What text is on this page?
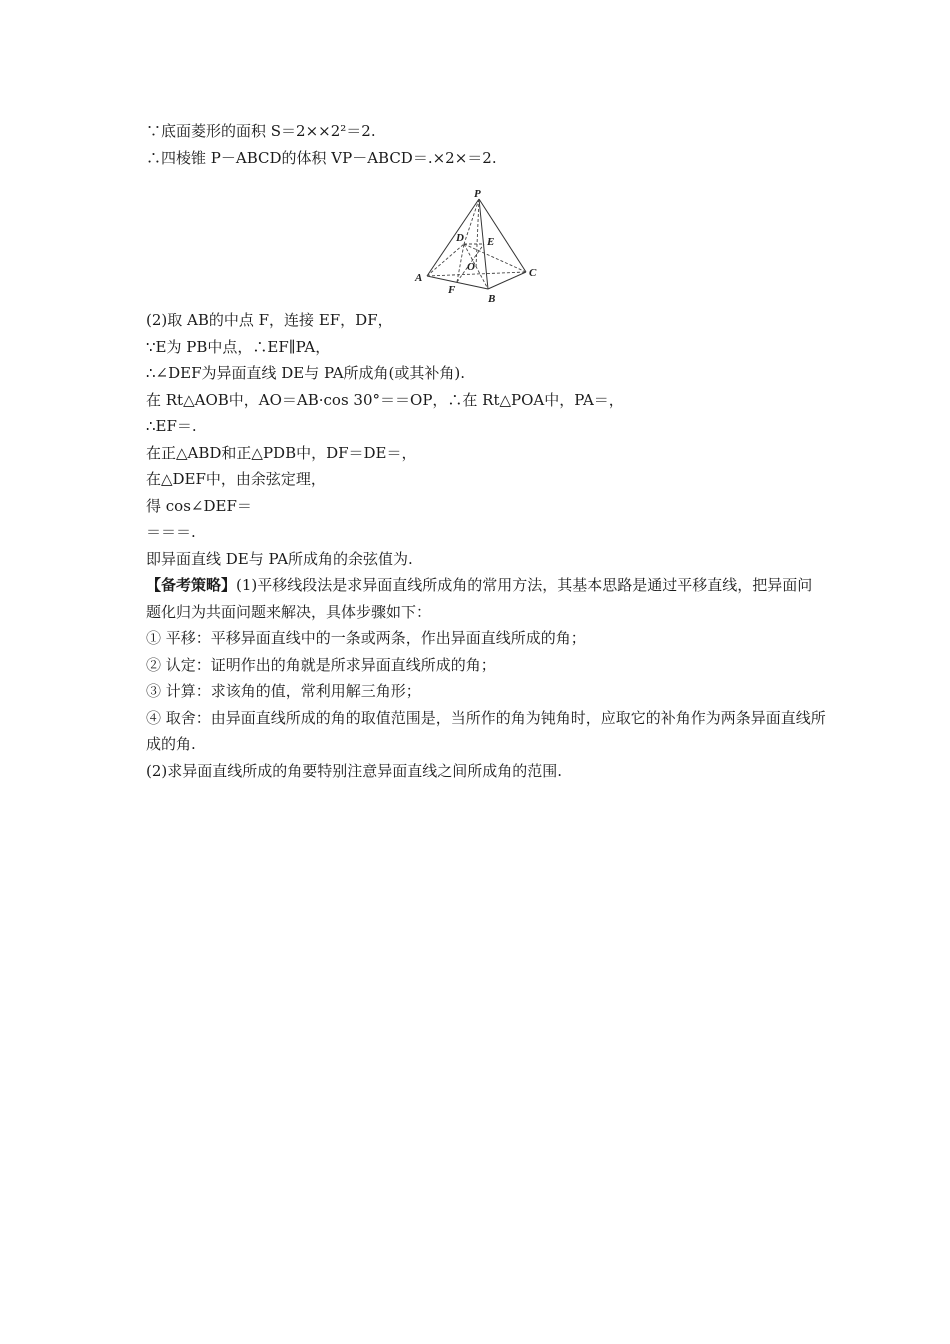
∵底面菱形的面积 S＝2××2²＝2.
∴四棱锥 P－ABCD的体积 VP－ABCD＝.×2×＝2.
P
D E
O
A	C
F
B
(2)取 AB的中点 F，连接 EF，DF，
∵E为 PB中点，∴EF∥PA，
∴∠DEF为异面直线 DE与 PA所成角(或其补角).
在 Rt△AOB中，AO＝AB·cos 30°＝＝OP，∴在 Rt△POA中，PA＝，
∴EF＝.
在正△ABD和正△PDB中，DF＝DE＝，
在△DEF中，由余弦定理，
得 cos∠DEF＝
＝＝＝.
即异面直线 DE与 PA所成角的余弦值为.
【备考策略】(1)平移线段法是求异面直线所成角的常用方法，其基本思路是通过平移直线，把异面问题化归为共面问题来解决，具体步骤如下：
① 平移：平移异面直线中的一条或两条，作出异面直线所成的角；
② 认定：证明作出的角就是所求异面直线所成的角；
③ 计算：求该角的值，常利用解三角形；
④ 取舍：由异面直线所成的角的取值范围是，当所作的角为钝角时，应取它的补角作为两条异面直线所成的角.
(2)求异面直线所成的角要特别注意异面直线之间所成角的范围.
